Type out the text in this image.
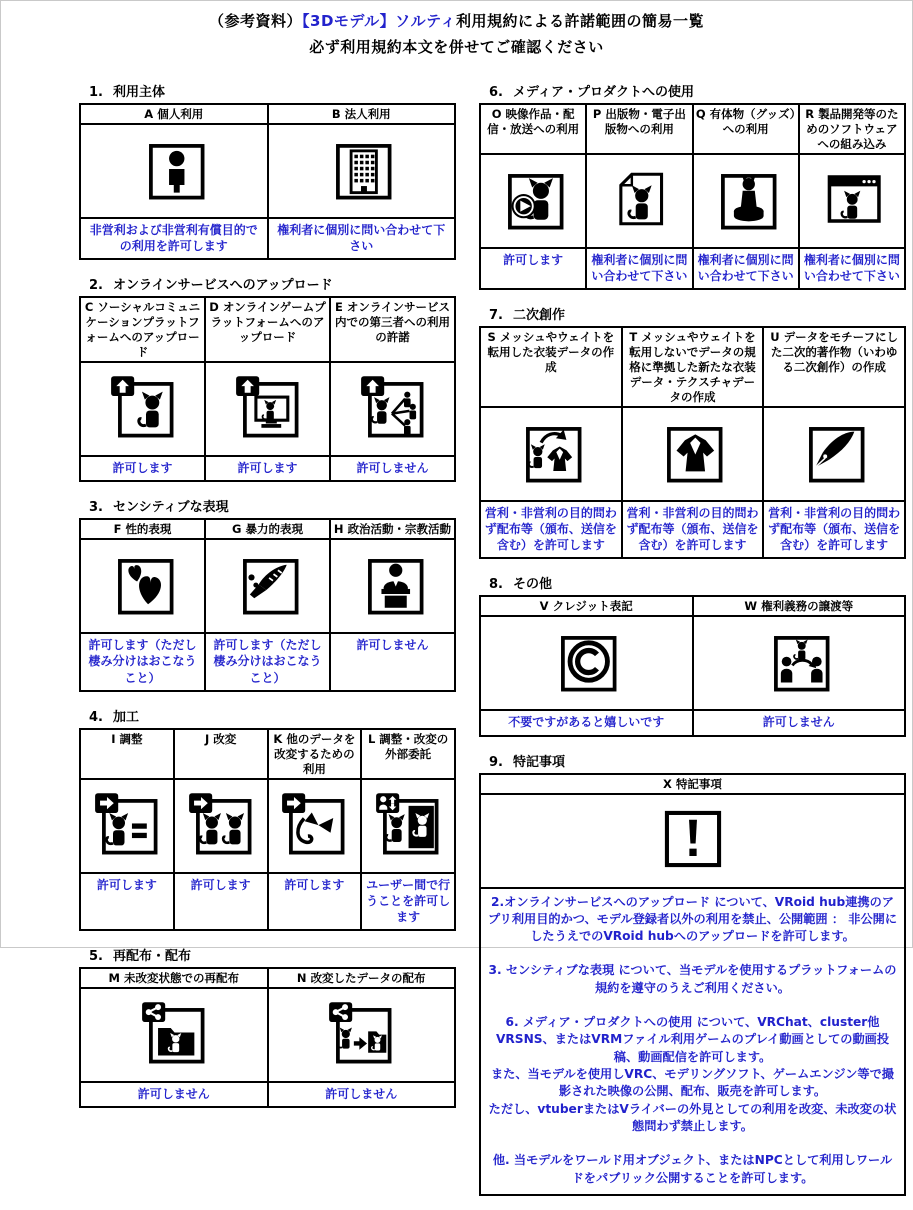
（参考資料）【3Dモデル】ソルティ利用規約による許諾範囲の簡易一覧
必ず利用規約本文を併せてご確認ください
1. 利用主体
A 個人利用	B 法人利用

非営利および非営利有償目的での利用を許可します	権利者に個別に問い合わせて下さい
2. オンラインサービスへのアップロード
C ソーシャルコミュニケーションプラットフォームへのアップロード	D オンラインゲームプラットフォームへのアップロード	E オンラインサービス内での第三者への利用の許諾

許可します	許可します	許可しません
3. センシティブな表現
F 性的表現	G 暴力的表現	H 政治活動・宗教活動

許可します（ただし棲み分けはおこなうこと）	許可します（ただし棲み分けはおこなうこと）	許可しません
4. 加工
I 調整	J 改変	K 他のデータを改変するための利用	L 調整・改変の外部委託

許可します	許可します	許可します	ユーザー間で行うことを許可します
5. 再配布・配布
M 未改変状態での再配布	N 改変したデータの配布

許可しません	許可しません
6. メディア・プロダクトへの使用
O 映像作品・配信・放送への利用	P 出版物・電子出版物への利用	Q 有体物（グッズ）への利用	R 製品開発等のためのソフトウェアへの組み込み

許可します	権利者に個別に問い合わせて下さい	権利者に個別に問い合わせて下さい	権利者に個別に問い合わせて下さい
7. 二次創作
S メッシュやウェイトを転用した衣装データの作成	T メッシュやウェイトを転用しないでデータの規格に準拠した新たな衣装データ・テクスチャデータの作成	U データをモチーフにした二次的著作物（いわゆる二次創作）の作成

営利・非営利の目的問わず配布等（頒布、送信を含む）を許可します	営利・非営利の目的問わず配布等（頒布、送信を含む）を許可します	営利・非営利の目的問わず配布等（頒布、送信を含む）を許可します
8. その他
V クレジット表記	W 権利義務の譲渡等

不要ですがあると嬉しいです	許可しません
9. 特記事項
X 特記事項

2.オンラインサービスへのアップロード について、VRoid hub連携のアプリ利用目的かつ、モデル登録者以外の利用を禁止、公開範囲 ： 非公開にしたうえでのVRoid hubへのアップロードを許可します。

3. センシティブな表現 について、当モデルを使用するプラットフォームの規約を遵守のうえご利用ください。

6. メディア・プロダクトへの使用 について、VRChat、cluster他VRSNS、またはVRMファイル利用ゲームのプレイ動画としての動画投稿、動画配信を許可します。

また、当モデルを使用しVRC、モデリングソフト、ゲームエンジン等で撮影された映像の公開、配布、販売を許可します。

ただし、vtuberまたはVライバーの外見としての利用を改変、未改変の状態問わず禁止します。

他. 当モデルをワールド用オブジェクト、またはNPCとして利用しワールドをパブリック公開することを許可します。
